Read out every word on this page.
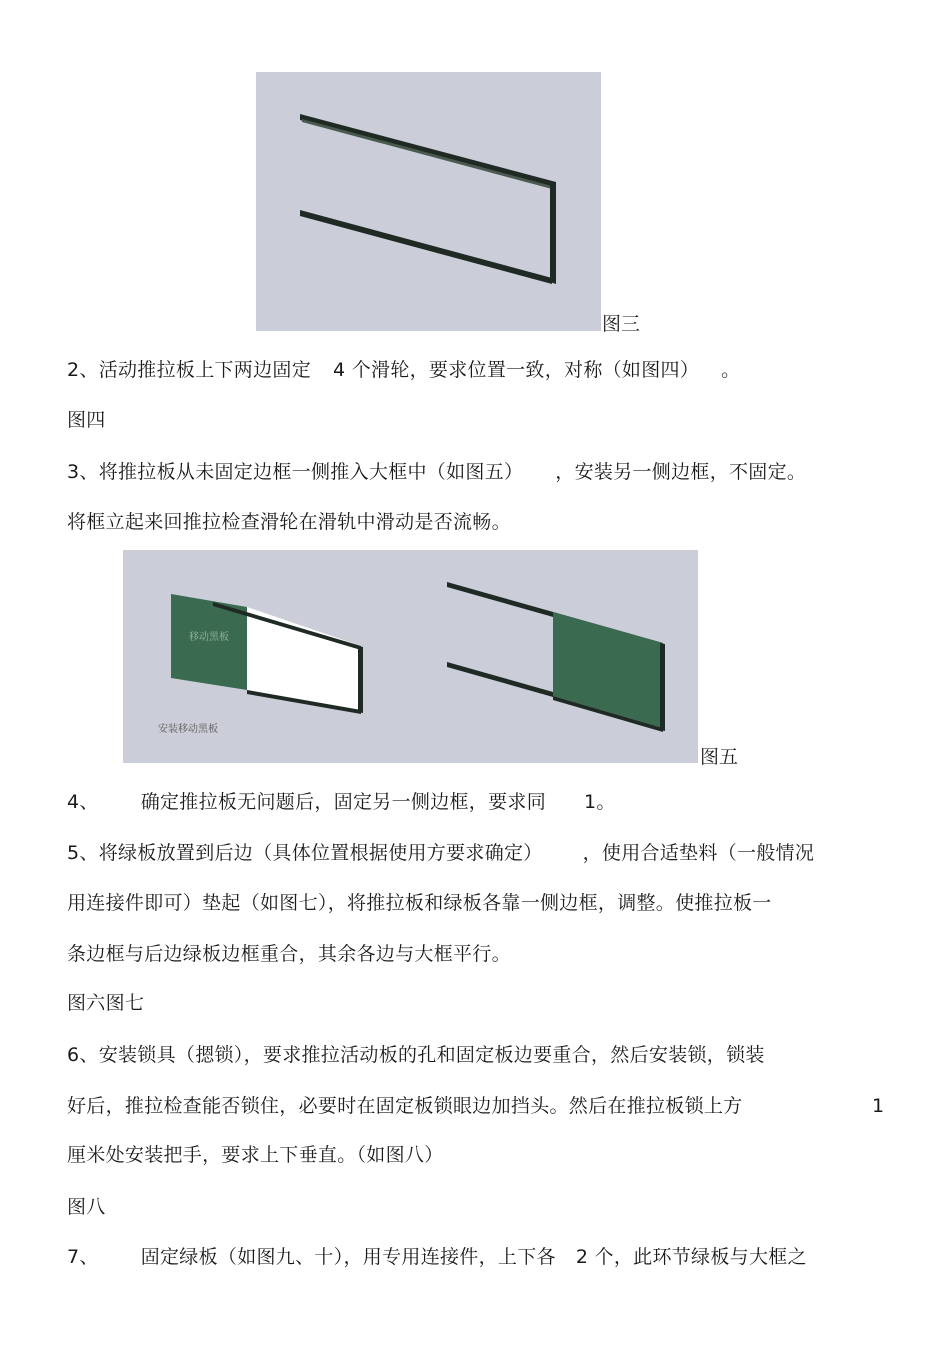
图三
2、活动推拉板上下两边固定 4 个滑轮，要求位置一致，对称（如图四） 。
图四
3、将推拉板从未固定边框一侧推入大框中（如图五） ，安装另一侧边框，不固定。
将框立起来回推拉检查滑轮在滑轨中滑动是否流畅。
移动黑板
安装移动黑板
图五
4、 确定推拉板无问题后，固定另一侧边框，要求同 1。
5、将绿板放置到后边（具体位置根据使用方要求确定） ，使用合适垫料（一般情况
用连接件即可）垫起（如图七），将推拉板和绿板各靠一侧边框，调整。使推拉板一
条边框与后边绿板边框重合，其余各边与大框平行。
图六图七
6、安装锁具（摁锁），要求推拉活动板的孔和固定板边要重合，然后安装锁，锁装
好后，推拉检查能否锁住，必要时在固定板锁眼边加挡头。然后在推拉板锁上方	1
厘米处安装把手，要求上下垂直。（如图八）
图八
7、 固定绿板（如图九、十），用专用连接件，上下各 2 个，此环节绿板与大框之
